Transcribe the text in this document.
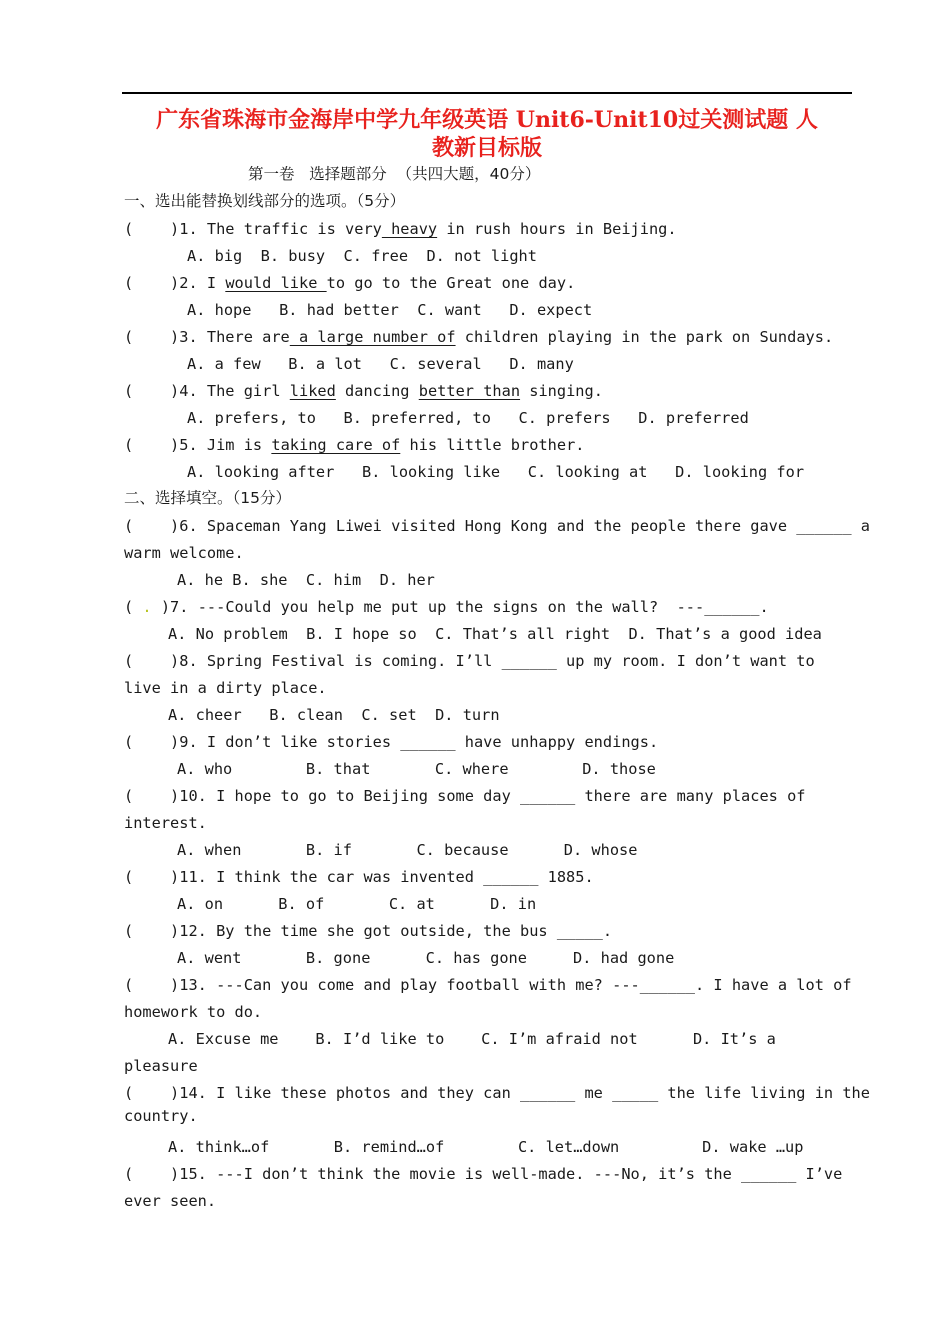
广东省珠海市金海岸中学九年级英语 Unit6-Unit10过关测试题 人
教新目标版
第一卷   选择题部分  （共四大题，40分）
一、选出能替换划线部分的选项。（5分）
(    )1. The traffic is very heavy in rush hours in Beijing.
A. big  B. busy  C. free  D. not light
(    )2. I would like to go to the Great one day.
A. hope   B. had better  C. want   D. expect
(    )3. There are a large number of children playing in the park on Sundays.
A. a few   B. a lot   C. several   D. many
(    )4. The girl liked dancing better than singing.
A. prefers, to   B. preferred, to   C. prefers   D. preferred
(    )5. Jim is taking care of his little brother.
A. looking after   B. looking like   C. looking at   D. looking for
二、选择填空。（15分）
(    )6. Spaceman Yang Liwei visited Hong Kong and the people there gave ______ a
warm welcome.
A. he B. she  C. him  D. her
( . )7. ---Could you help me put up the signs on the wall?  ---______.
A. No problem  B. I hope so  C. That’s all right  D. That’s a good idea
(    )8. Spring Festival is coming. I’ll ______ up my room. I don’t want to
live in a dirty place.
A. cheer   B. clean  C. set  D. turn
(    )9. I don’t like stories ______ have unhappy endings.
A. who        B. that       C. where        D. those
(    )10. I hope to go to Beijing some day ______ there are many places of
interest.
A. when       B. if       C. because      D. whose
(    )11. I think the car was invented ______ 1885.
A. on      B. of       C. at      D. in
(    )12. By the time she got outside, the bus _____.
A. went       B. gone      C. has gone     D. had gone
(    )13. ---Can you come and play football with me? ---______. I have a lot of
homework to do.
A. Excuse me    B. I’d like to    C. I’m afraid not      D. It’s a
pleasure
(    )14. I like these photos and they can ______ me _____ the life living in the
country.
A. think…of       B. remind…of        C. let…down         D. wake …up
(    )15. ---I don’t think the movie is well-made. ---No, it’s the ______ I’ve
ever seen.
